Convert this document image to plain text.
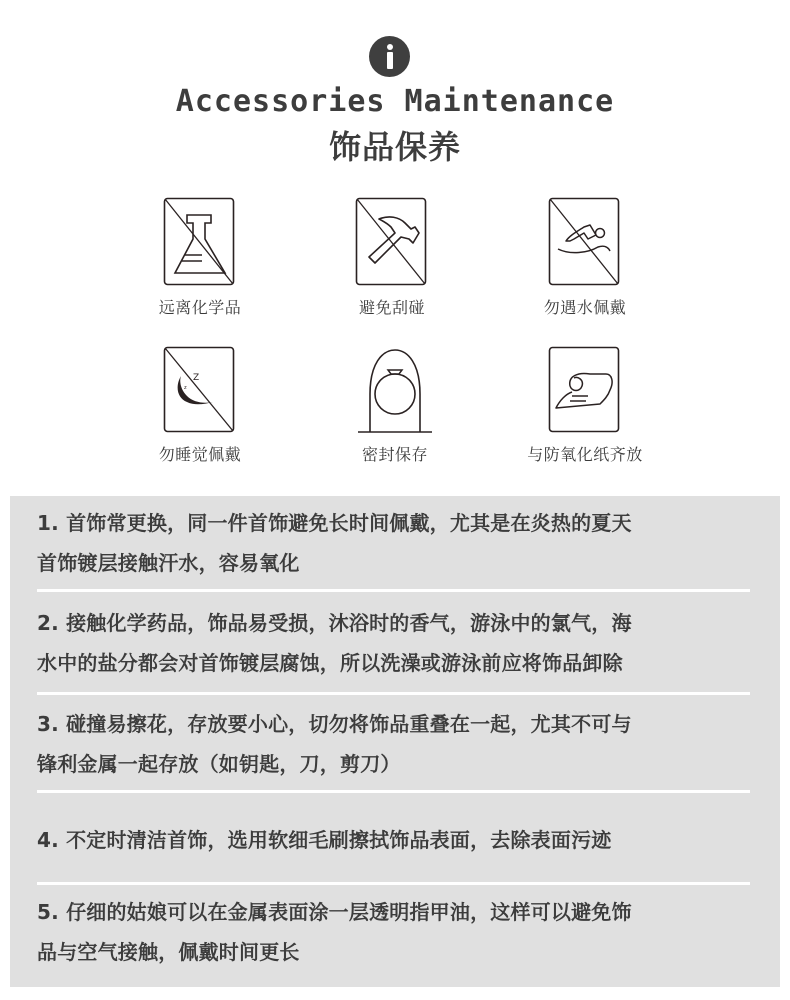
Accessories Maintenance
饰品保养
远离化学品	避免刮碰	勿遇水佩戴
Z
z
勿睡觉佩戴	密封保存	与防氧化纸齐放
1. 首饰常更换，同一件首饰避免长时间佩戴，尤其是在炎热的夏天
首饰镀层接触汗水，容易氧化
2. 接触化学药品，饰品易受损，沐浴时的香气，游泳中的氯气，海
水中的盐分都会对首饰镀层腐蚀，所以洗澡或游泳前应将饰品卸除
3. 碰撞易擦花，存放要小心，切勿将饰品重叠在一起，尤其不可与
锋利金属一起存放（如钥匙，刀，剪刀）
4. 不定时清洁首饰，选用软细毛刷擦拭饰品表面，去除表面污迹
5. 仔细的姑娘可以在金属表面涂一层透明指甲油，这样可以避免饰
品与空气接触，佩戴时间更长
